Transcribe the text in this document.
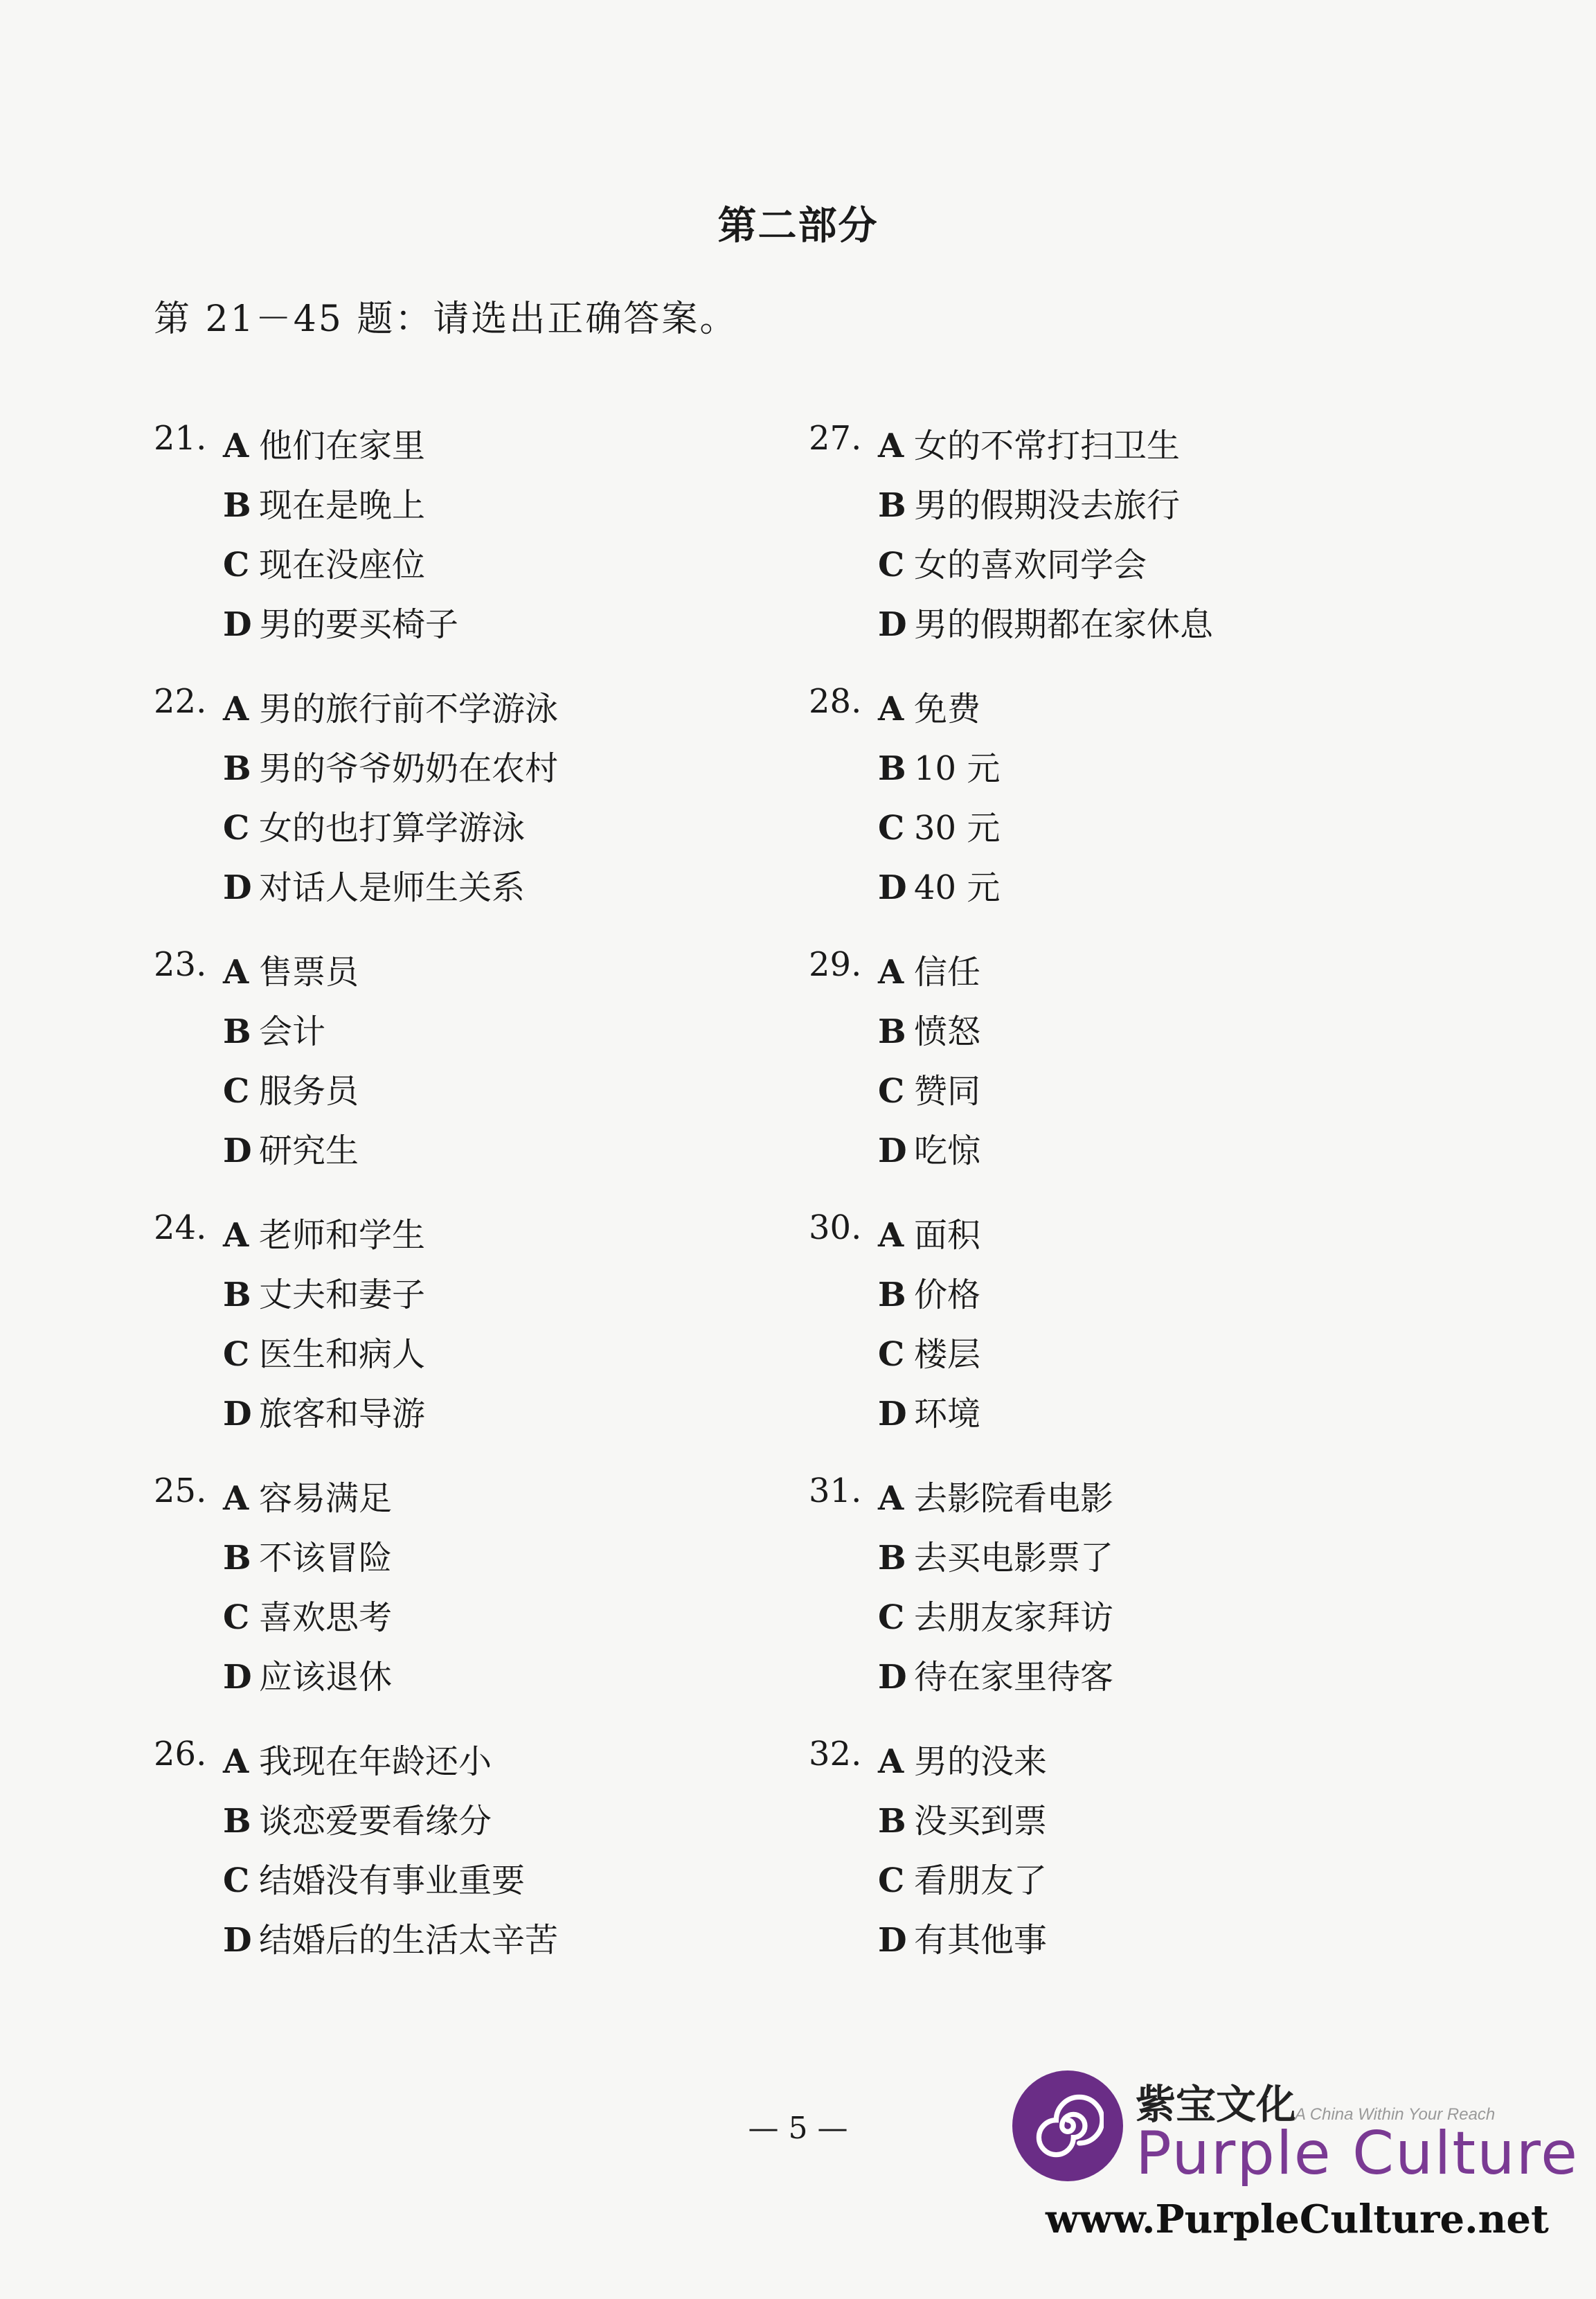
第二部分
第 21－45 题：请选出正确答案。
21. A 他们在家里
B 现在是晚上
C 现在没座位
D 男的要买椅子
22. A 男的旅行前不学游泳
B 男的爷爷奶奶在农村
C 女的也打算学游泳
D 对话人是师生关系
23. A 售票员
B 会计
C 服务员
D 研究生
24. A 老师和学生
B 丈夫和妻子
C 医生和病人
D 旅客和导游
25. A 容易满足
B 不该冒险
C 喜欢思考
D 应该退休
26. A 我现在年龄还小
B 谈恋爱要看缘分
C 结婚没有事业重要
D 结婚后的生活太辛苦
27. A 女的不常打扫卫生
B 男的假期没去旅行
C 女的喜欢同学会
D 男的假期都在家休息
28. A 免费
B 10 元
C 30 元
D 40 元
29. A 信任
B 愤怒
C 赞同
D 吃惊
30. A 面积
B 价格
C 楼层
D 环境
31. A 去影院看电影
B 去买电影票了
C 去朋友家拜访
D 待在家里待客
32. A 男的没来
B 没买到票
C 看朋友了
D 有其他事
— 5 —
紫宝文化
A China Within Your Reach
Purple Culture
www.PurpleCulture.net
